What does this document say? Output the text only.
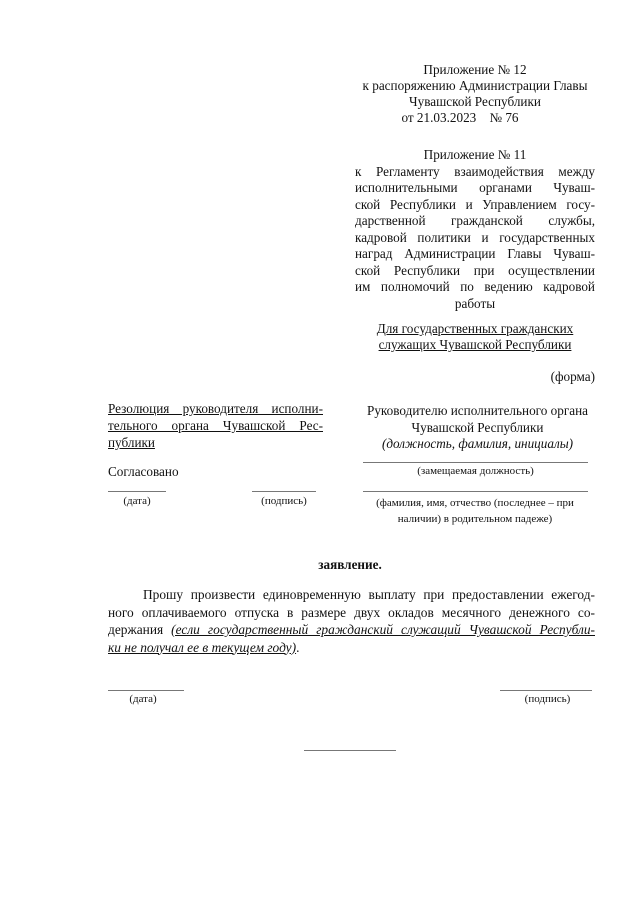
Приложение № 12
к распоряжению Администрации Главы
Чувашской Республики
от 21.03.2023    № 76
Приложение № 11
к Регламенту взаимодействия между
исполнительными органами Чуваш-
ской Республики и Управлением госу-
дарственной гражданской службы,
кадровой политики и государственных
наград Администрации Главы Чуваш-
ской Республики при осуществлении
им полномочий по ведению кадровой
работы
Для государственных гражданских
служащих Чувашской Республики
(форма)
Резолюция руководителя исполни-
тельного органа Чувашской Рес-
публики
Руководителю исполнительного органа
Чувашской Республики
(должность, фамилия, инициалы)
(замещаемая должность)
Согласовано
(дата)	(подпись)	(фамилия, имя, отчество (последнее – при
наличии) в родительном падеже)
заявление.
Прошу произвести единовременную выплату при предоставлении ежегод-
ного оплачиваемого отпуска в размере двух окладов месячного денежного со-
держания (если государственный гражданский служащий Чувашской Республи-
ки не получал ее в текущем году).
(дата)	(подпись)
